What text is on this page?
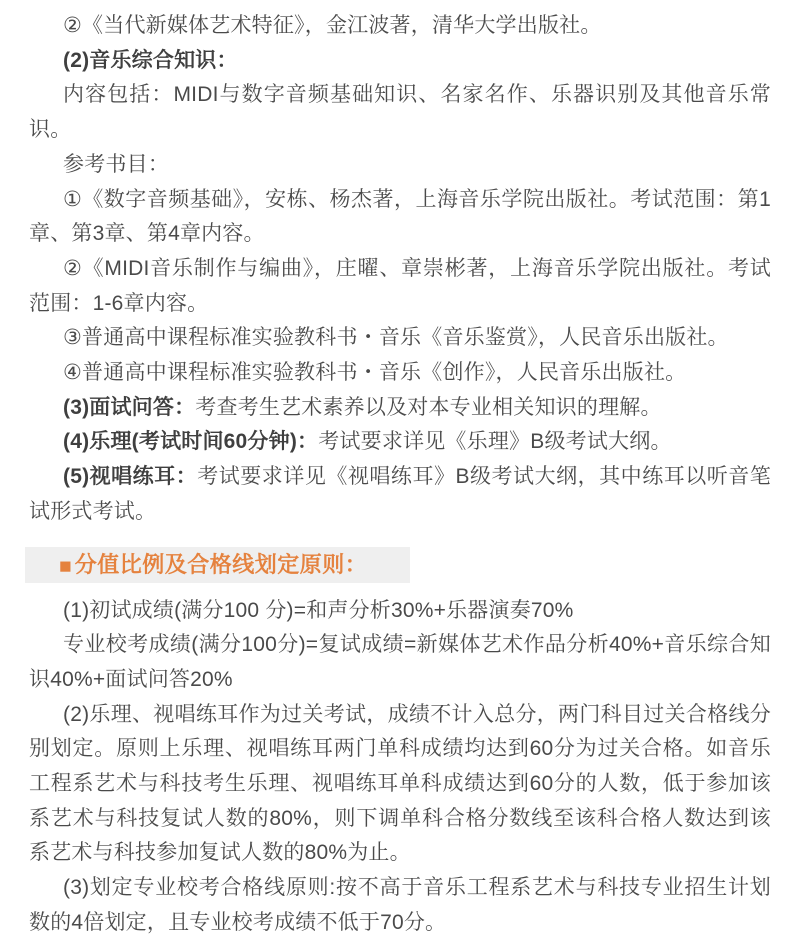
②《当代新媒体艺术特征》，金江波著，清华大学出版社。

(2)音乐综合知识：

内容包括：MIDI与数字音频基础知识、名家名作、乐器识别及其他音乐常识。

参考书目：

①《数字音频基础》，安栋、杨杰著，上海音乐学院出版社。考试范围：第1章、第3章、第4章内容。

②《MIDI音乐制作与编曲》，庄曜、章崇彬著，上海音乐学院出版社。考试范围：1-6章内容。

③普通高中课程标准实验教科书・音乐《音乐鉴赏》，人民音乐出版社。

④普通高中课程标准实验教科书・音乐《创作》，人民音乐出版社。

(3)面试问答：考查考生艺术素养以及对本专业相关知识的理解。

(4)乐理(考试时间60分钟)：考试要求详见《乐理》B级考试大纲。

(5)视唱练耳：考试要求详见《视唱练耳》B级考试大纲，其中练耳以听音笔试形式考试。

■ 分值比例及合格线划定原则：

(1)初试成绩(满分100 分)=和声分析30%+乐器演奏70%

专业校考成绩(满分100分)=复试成绩=新媒体艺术作品分析40%+音乐综合知识40%+面试问答20%

(2)乐理、视唱练耳作为过关考试，成绩不计入总分，两门科目过关合格线分别划定。原则上乐理、视唱练耳两门单科成绩均达到60分为过关合格。如音乐工程系艺术与科技考生乐理、视唱练耳单科成绩达到60分的人数，低于参加该系艺术与科技复试人数的80%，则下调单科合格分数线至该科合格人数达到该系艺术与科技参加复试人数的80%为止。

(3)划定专业校考合格线原则:按不高于音乐工程系艺术与科技专业招生计划数的4倍划定，且专业校考成绩不低于70分。
